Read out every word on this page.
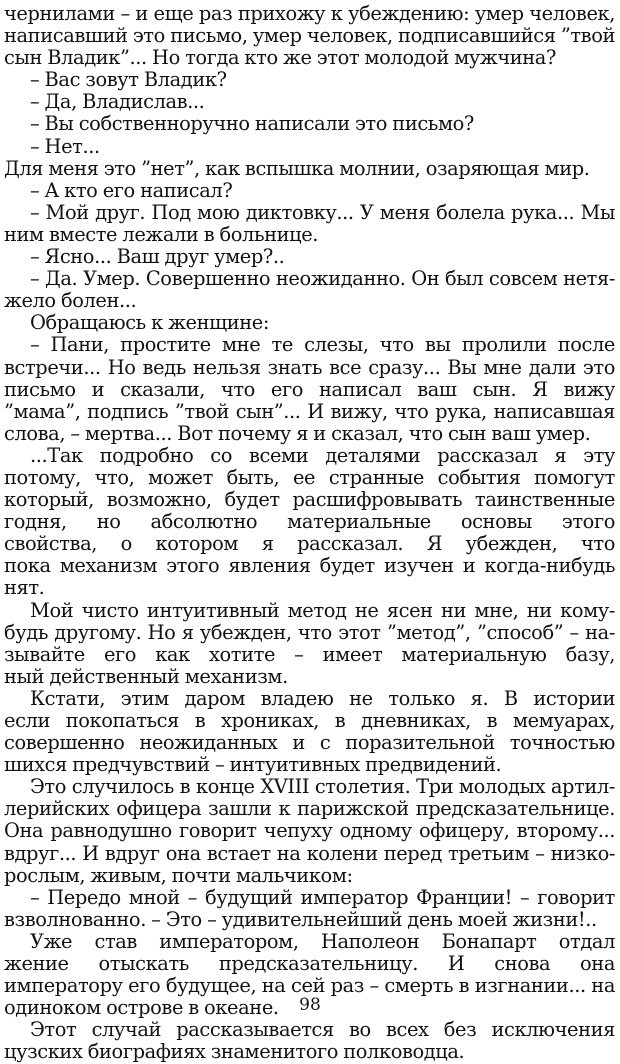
чернилами – и еще раз прихожу к убеждению: умер человек,
написавший это письмо, умер человек, подписавшийся ”твой
сын Владик”... Но тогда кто же этот молодой мужчина?
– Вас зовут Владик?
– Да, Владислав...
– Вы собственноручно написали это письмо?
– Нет...
Для меня это ”нет”, как вспышка молнии, озаряющая мир.
– А кто его написал?
– Мой друг. Под мою диктовку... У меня болела рука... Мы
ним вместе лежали в больнице.
– Ясно... Ваш друг умер?..
– Да. Умер. Совершенно неожиданно. Он был совсем нетя-
жело болен...
Обращаюсь к женщине:
– Пани, простите мне те слезы, что вы пролили после
встречи... Но ведь нельзя знать все сразу... Вы мне дали это
письмо и сказали, что его написал ваш сын. Я вижу
”мама”, подпись ”твой сын”... И вижу, что рука, написавшая
слова, – мертва... Вот почему я и сказал, что сын ваш умер.
...Так подробно со всеми деталями рассказал я эту
потому, что, может быть, ее странные события помогут
который, возможно, будет расшифровывать таинственные
годня, но абсолютно материальные основы этого
свойства, о котором я рассказал. Я убежден, что
пока механизм этого явления будет изучен и когда-нибудь
нят.
Мой чисто интуитивный метод не ясен ни мне, ни кому-
будь другому. Но я убежден, что этот ”метод”, ”способ” – на-
зывайте его как хотите – имеет материальную базу,
ный действенный механизм.
Кстати, этим даром владею не только я. В истории
если покопаться в хрониках, в дневниках, в мемуарах,
совершенно неожиданных и с поразительной точностью
шихся предчувствий – интуитивных предвидений.
Это случилось в конце XVIII столетия. Три молодых артил-
лерийских офицера зашли к парижской предсказательнице.
Она равнодушно говорит чепуху одному офицеру, второму...
вдруг... И вдруг она встает на колени перед третьим – низко-
рослым, живым, почти мальчиком:
– Передо мной – будущий император Франции! – говорит
взволнованно. – Это – удивительнейший день моей жизни!..
Уже став императором, Наполеон Бонапарт отдал
жение отыскать предсказательницу. И снова она
императору его будущее, на сей раз – смерть в изгнании... на
одиноком острове в океане.
Этот случай рассказывается во всех без исключения
цузских биографиях знаменитого полководца.
98
